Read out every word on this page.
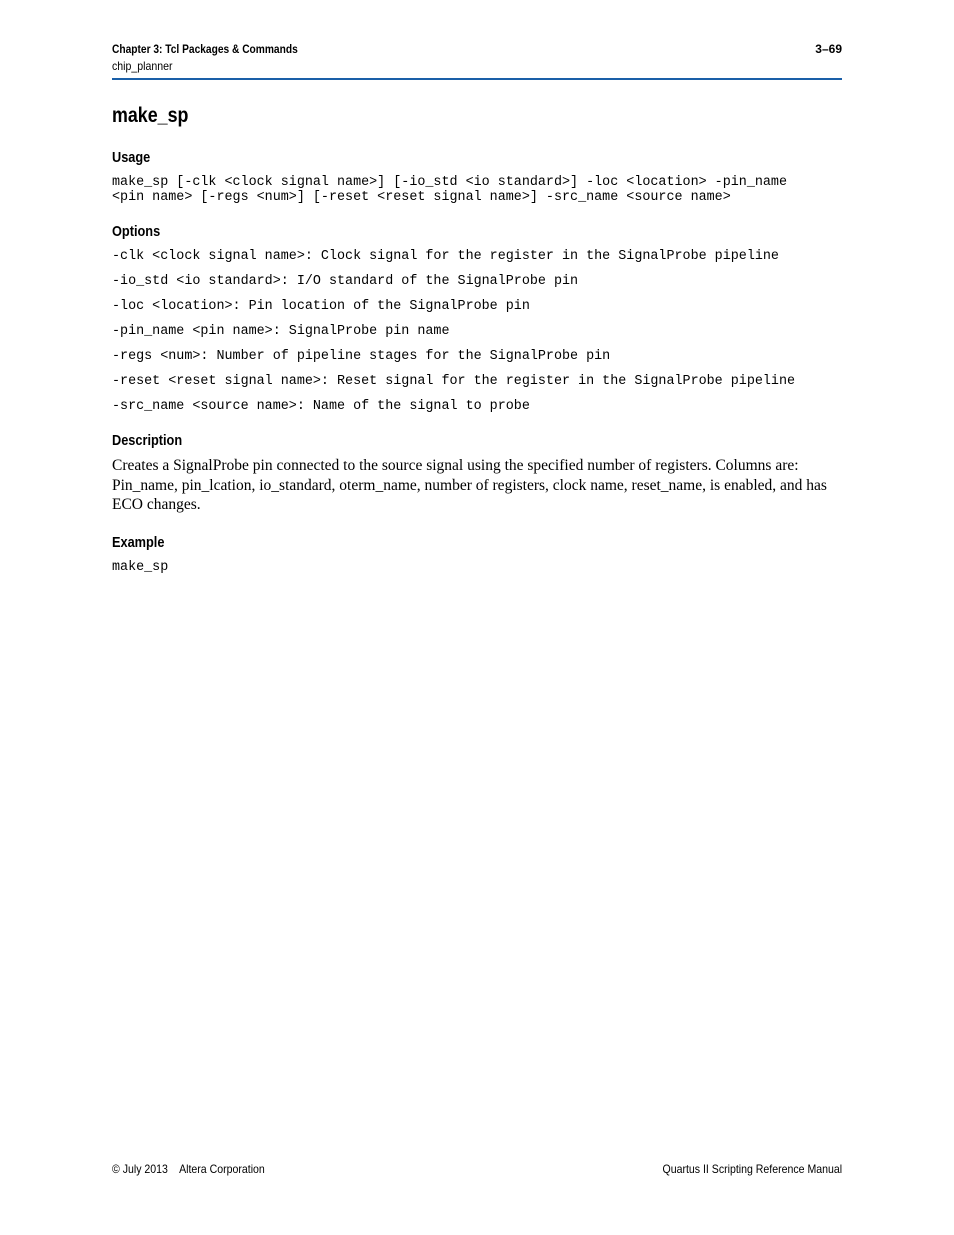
Chapter 3: Tcl Packages & Commands
chip_planner
3–69
make_sp
Usage
make_sp [-clk <clock signal name>] [-io_std <io standard>] -loc <location> -pin_name
<pin name> [-regs <num>] [-reset <reset signal name>] -src_name <source name>
Options
-clk <clock signal name>: Clock signal for the register in the SignalProbe pipeline
-io_std <io standard>: I/O standard of the SignalProbe pin
-loc <location>: Pin location of the SignalProbe pin
-pin_name <pin name>: SignalProbe pin name
-regs <num>: Number of pipeline stages for the SignalProbe pin
-reset <reset signal name>: Reset signal for the register in the SignalProbe pipeline
-src_name <source name>: Name of the signal to probe
Description
Creates a SignalProbe pin connected to the source signal using the specified number of registers. Columns are: Pin_name, pin_lcation, io_standard, oterm_name, number of registers, clock name, reset_name, is enabled, and has ECO changes.
Example
make_sp
© July 2013 Altera Corporation	Quartus II Scripting Reference Manual
